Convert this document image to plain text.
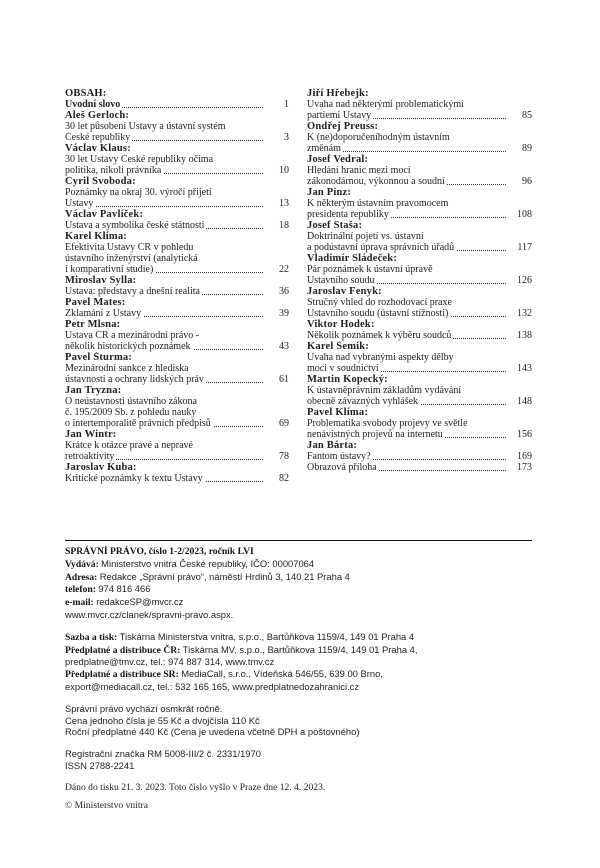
OBSAH:
Úvodní slovo	1
Aleš Gerloch:
30 let působení Ústavy a ústavní systém
České republiky	3
Václav Klaus:
30 let Ústavy České republiky očima
politika, nikoli právníka	10
Cyril Svoboda:
Poznámky na okraj 30. výročí přijetí
Ústavy	13
Václav Pavlíček:
Ústava a symbolika české státnosti	18
Karel Klíma:
Efektivita Ústavy ČR v pohledu
ústavního inženýrství (analytická
i komparativní studie)	22
Miroslav Sylla:
Ústava: představy a dnešní realita	36
Pavel Mates:
Zklamání z Ústavy	39
Petr Mlsna:
Ústava ČR a mezinárodní právo -
několik historických poznámek	43
Pavel Šturma:
Mezinárodní sankce z hlediska
ústavnosti a ochrany lidských práv	61
Jan Tryzna:
O neústavnosti ústavního zákona
č. 195/2009 Sb. z pohledu nauky
o intertemporalitě právních předpisů	69
Jan Wintr:
Krátce k otázce pravé a nepravé
retroaktivity	78
Jaroslav Kuba:
Kritické poznámky k textu Ústavy	82
Jiří Hřebejk:
Úvaha nad některými problematickými
partiemi Ústavy	85
Ondřej Preuss:
K (ne)doporučeníhodným ústavním
změnám	89
Josef Vedral:
Hledání hranic mezi mocí
zákonodárnou, výkonnou a soudní	96
Jan Pinz:
K některým ústavním pravomocem
presidenta republiky	108
Josef Staša:
Doktrinální pojetí vs. ústavní
a podústavní úprava správních úřadů	117
Vladimír Sládeček:
Pár poznámek k ústavní úpravě
Ústavního soudu	126
Jaroslav Fenyk:
Stručný vhled do rozhodovací praxe
Ústavního soudu (ústavní stížnosti)	132
Viktor Hodek:
Několik poznámek k výběru soudců	138
Karel Šemík:
Úvaha nad vybranými aspekty dělby
moci v soudnictví	143
Martin Kopecký:
K ústavněprávním základům vydávání
obecně závazných vyhlášek	148
Pavel Klíma:
Problematika svobody projevy ve světle
nenávistných projevů na internetu	156
Jan Bárta:
Fantom ústavy?	169
Obrazová příloha	173
SPRÁVNÍ PRÁVO, číslo 1-2/2023, ročník LVI
Vydává: Ministerstvo vnitra České republiky, IČO: 00007064
Adresa: Redakce „Správní právo“, náměstí Hrdinů 3, 140 21 Praha 4
telefon: 974 816 466
e-mail: redakceSP@mvcr.cz
www.mvcr.cz/clanek/spravni-pravo.aspx.
Sazba a tisk: Tiskárna Ministerstva vnitra, s.p.o., Bartůňkova 1159/4, 149 01 Praha 4
Předplatné a distribuce ČR: Tiskárna MV, s.p.o., Bartůňkova 1159/4, 149 01 Praha 4,
predplatne@tmv.cz, tel.: 974 887 314, www.tmv.cz
Předplatné a distribuce SR: MediaCall, s.r.o., Vídeňská 546/55, 639 00 Brno,
export@mediacall.cz, tel.: 532 165 165, www.predplatnedozahranici.cz
Správní právo vychází osmkrát ročně.
Cena jednoho čísla je 55 Kč a dvojčísla 110 Kč
Roční předplatné 440 Kč (Cena je uvedena včetně DPH a poštovného)
Registrační značka RM 5008-III/2 č. 2331/1970
ISSN 2788-2241
Dáno do tisku 21. 3. 2023. Toto číslo vyšlo v Praze dne 12. 4. 2023.
© Ministerstvo vnitra
